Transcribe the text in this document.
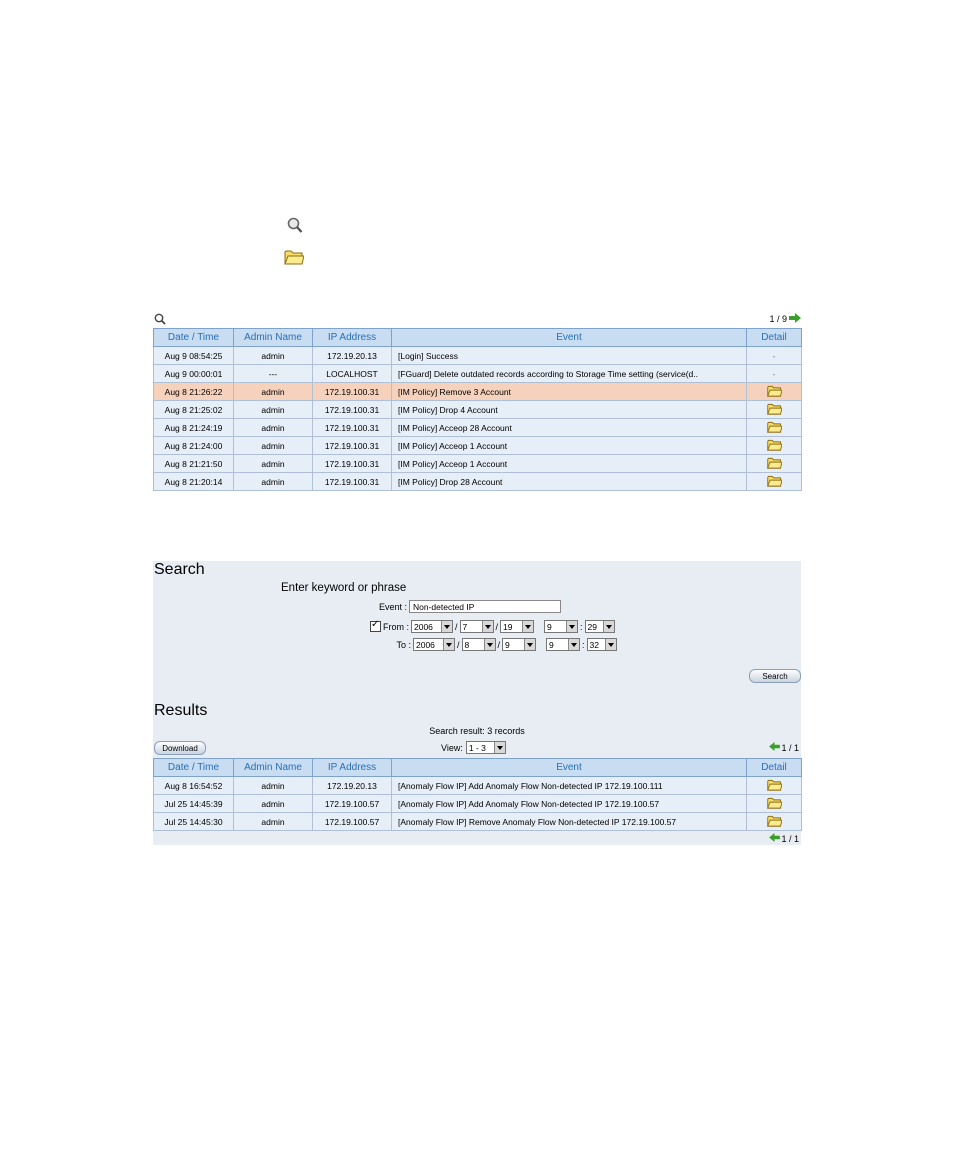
1 / 9
Date / Time	Admin Name	IP Address	Event	Detail
Aug 9 08:54:25	admin	172.19.20.13	[Login] Success	-
Aug 9 00:00:01	---	LOCALHOST	[FGuard] Delete outdated records according to Storage Time setting (service(d..	-
Aug 8 21:26:22	admin	172.19.100.31	[IM Policy] Remove 3 Account	
Aug 8 21:25:02	admin	172.19.100.31	[IM Policy] Drop 4 Account	
Aug 8 21:24:19	admin	172.19.100.31	[IM Policy] Acceop 28 Account	
Aug 8 21:24:00	admin	172.19.100.31	[IM Policy] Acceop 1 Account	
Aug 8 21:21:50	admin	172.19.100.31	[IM Policy] Acceop 1 Account	
Aug 8 21:20:14	admin	172.19.100.31	[IM Policy] Drop 28 Account	
Search
Enter keyword or phrase
Event :
Non-detected IP
✓
From : 2006	/ 7	/ 19	9	: 29
To : 2006	/ 8	/ 9	9	: 32
Search
Results
Search result: 3 records
Download	View: 1 - 3	1 / 1
Date / Time	Admin Name	IP Address	Event	Detail
Aug 8 16:54:52	admin	172.19.20.13	[Anomaly Flow IP] Add Anomaly Flow Non-detected IP 172.19.100.111	
Jul 25 14:45:39	admin	172.19.100.57	[Anomaly Flow IP] Add Anomaly Flow Non-detected IP 172.19.100.57	
Jul 25 14:45:30	admin	172.19.100.57	[Anomaly Flow IP] Remove Anomaly Flow Non-detected IP 172.19.100.57	
1 / 1
